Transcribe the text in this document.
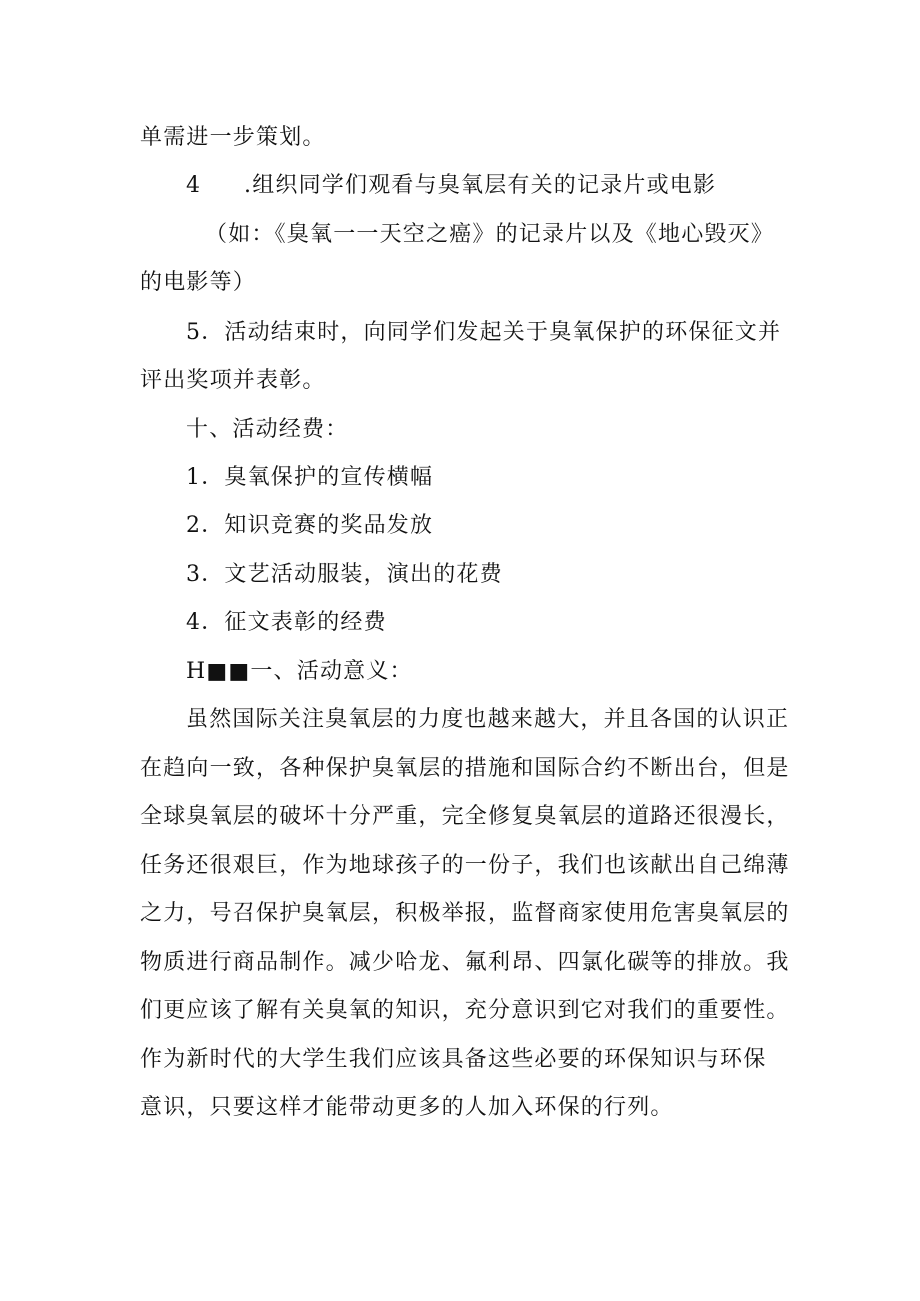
单需进一步策划。
4 .组织同学们观看与臭氧层有关的记录片或电影
（如：《臭氧一一天空之癌》的记录片以及《地心毁灭》
的电影等）
5．活动结束时，向同学们发起关于臭氧保护的环保征文并
评出奖项并表彰。
十、活动经费：
1．臭氧保护的宣传横幅
2．知识竞赛的奖品发放
3．文艺活动服装，演出的花费
4．征文表彰的经费
H■■一、活动意义：
虽然国际关注臭氧层的力度也越来越大，并且各国的认识正
在趋向一致，各种保护臭氧层的措施和国际合约不断出台，但是
全球臭氧层的破坏十分严重，完全修复臭氧层的道路还很漫长，
任务还很艰巨，作为地球孩子的一份子，我们也该献出自己绵薄
之力，号召保护臭氧层，积极举报，监督商家使用危害臭氧层的
物质进行商品制作。减少哈龙、氟利昂、四氯化碳等的排放。我
们更应该了解有关臭氧的知识，充分意识到它对我们的重要性。
作为新时代的大学生我们应该具备这些必要的环保知识与环保
意识，只要这样才能带动更多的人加入环保的行列。
